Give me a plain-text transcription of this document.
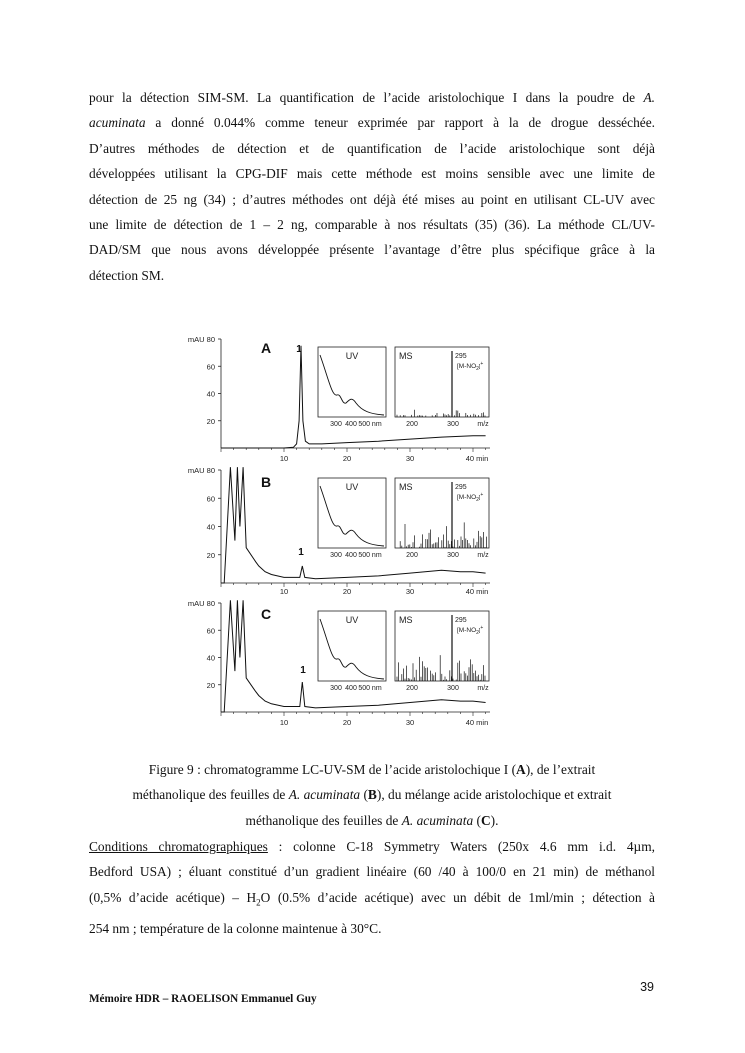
pour la détection SIM-SM. La quantification de l’acide aristolochique I dans la poudre de A.
acuminata a donné 0.044% comme teneur exprimée par rapport à la de drogue desséchée.
D’autres méthodes de détection et de quantification de l’acide aristolochique sont déjà
développées utilisant la CPG-DIF mais cette méthode est moins sensible avec une limite de
détection de 25 ng (34) ; d’autres méthodes ont déjà été mises au point en utilisant CL-UV avec
une limite de détection de 1 – 2 ng, comparable à nos résultats (35) (36). La méthode CL/UV-
DAD/SM que nous avons développée présente l’avantage d’être plus spécifique grâce à la
détection SM.
mAU 80
60
40
20
10	20	30	40 min
A	1
UV
300 400 500 nm
MS	295
[$M-NO_2^{]+}$
200	300	m/z
mAU 80
60
40
20
10	20	30	40 min
B
1
UV
300 400 500 nm
MS	295
[$M-NO_2^{]+}$
200	300	m/z
mAU 80
60
40
20
10	20	30	40 min
C
1
UV
300 400 500 nm
MS	295
[$M-NO_2^{]+}$
200	300	m/z
Figure 9 : chromatogramme LC-UV-SM de l’acide aristolochique I (A), de l’extrait
méthanolique des feuilles de A. acuminata (B), du mélange acide aristolochique et extrait
méthanolique des feuilles de A. acuminata (C).
Conditions chromatographiques : colonne C-18 Symmetry Waters (250x 4.6 mm i.d. 4µm,
Bedford USA) ; éluant constitué d’un gradient linéaire (60 /40 à 100/0 en 21 min) de méthanol
(0,5% d’acide acétique) – $H_2O$ (0.5% d’acide acétique) avec un débit de 1ml/min ; détection à
254 nm ; température de la colonne maintenue à 30°C.
39
Mémoire HDR – RAOELISON Emmanuel Guy
